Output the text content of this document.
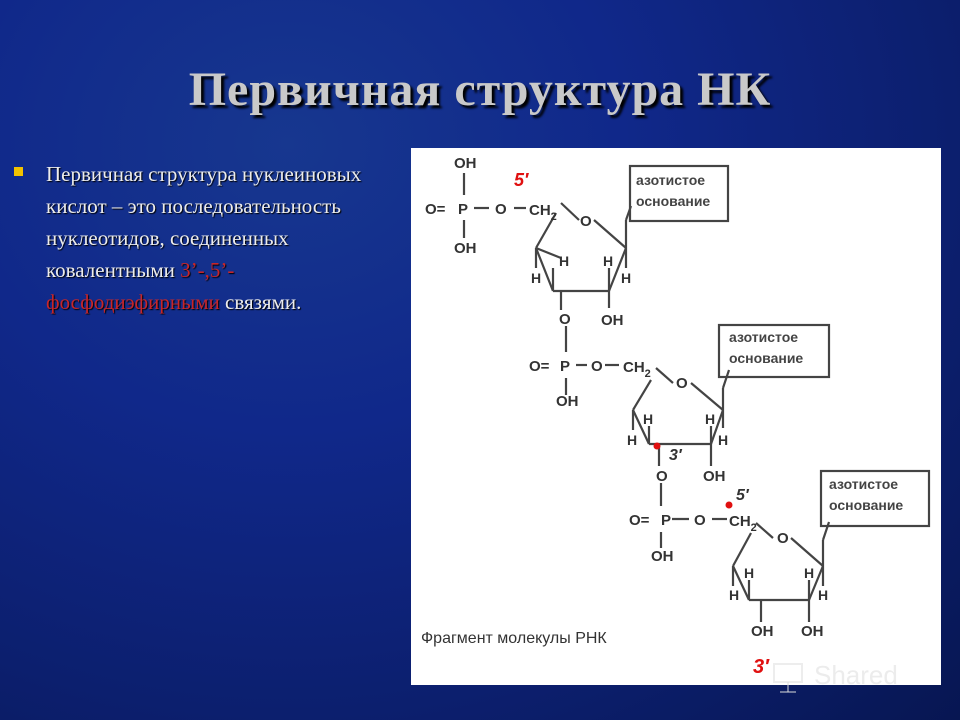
Первичная структура НК
Первичная структура нуклеиновых кислот – это последовательность нуклеотидов, соединенных ковалентными 3’-,5’-фосфодиэфирными связями.
OH
O= P O
OH
$CH_2$
5′
O
H
H H
H
OH
O
азотистое
основание
O= P O
OH
$CH_2$
O
H
H	H
H
OH
3′
O
азотистое
основание
O= P O
OH
$CH_2$
5′
O
H
H	H
H
OH OH
азотистое
основание
3′
Фрагмент молекулы РНК
Shared
